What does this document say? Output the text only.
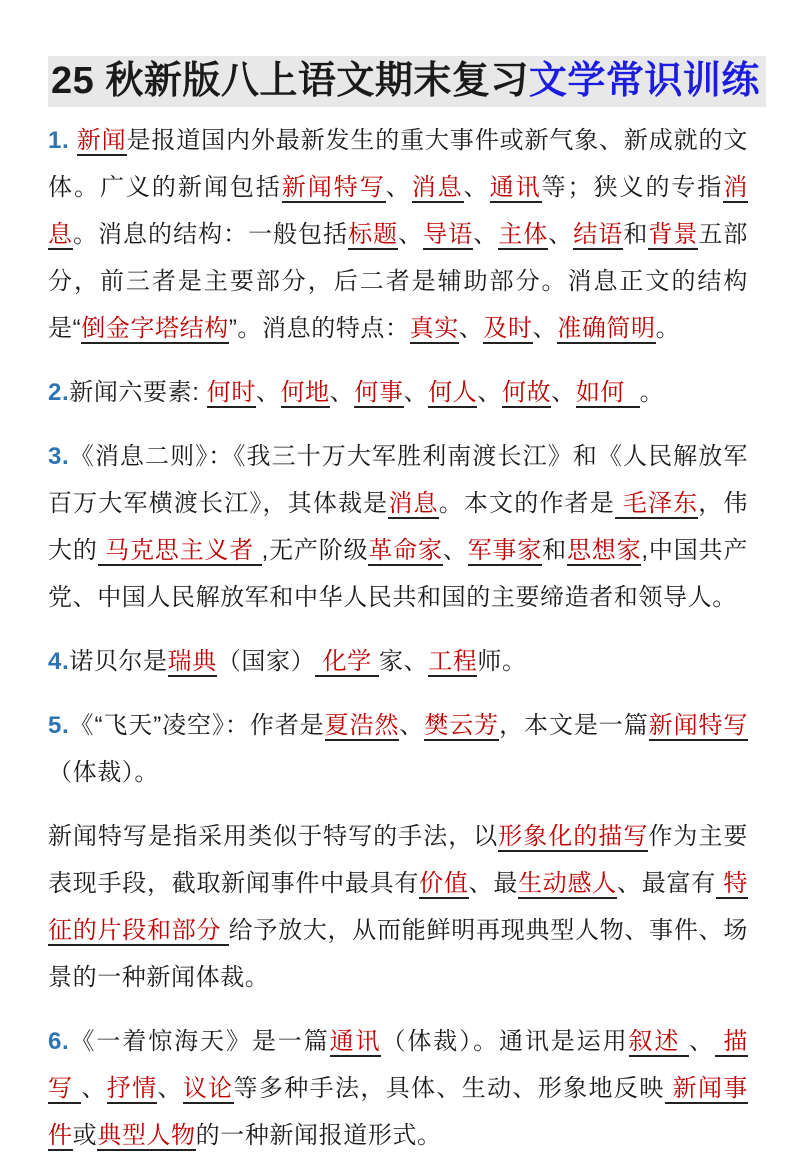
25 秋新版八上语文期末复习文学常识训练

1. 新闻是报道国内外最新发生的重大事件或新气象、新成就的文体。广义的新闻包括新闻特写、消息、通讯等；狭义的专指消息。消息的结构：一般包括标题、导语、主体、结语和背景五部分，前三者是主要部分，后二者是辅助部分。消息正文的结构是“倒金字塔结构”。消息的特点：真实、及时、准确简明。

2.新闻六要素: 何时、何地、何事、何人、何故、如何  。

3.《消息二则》：《我三十万大军胜利南渡长江》和《人民解放军百万大军横渡长江》，其体裁是消息。本文的作者是 毛泽东，伟大的 马克思主义者 ,无产阶级革命家、军事家和思想家,中国共产党、中国人民解放军和中华人民共和国的主要缔造者和领导人。

4.诺贝尔是瑞典（国家） 化学 家、工程师。

5.《“飞天”凌空》：作者是夏浩然、樊云芳，本文是一篇新闻特写（体裁）。

新闻特写是指采用类似于特写的手法，以形象化的描写作为主要表现手段，截取新闻事件中最具有价值、最生动感人、最富有 特征的片段和部分 给予放大，从而能鲜明再现典型人物、事件、场景的一种新闻体裁。

6.《一着惊海天》是一篇通讯（体裁）。通讯是运用叙述 、 描写 、抒情、议论等多种手法，具体、生动、形象地反映 新闻事件或典型人物的一种新闻报道形式。
